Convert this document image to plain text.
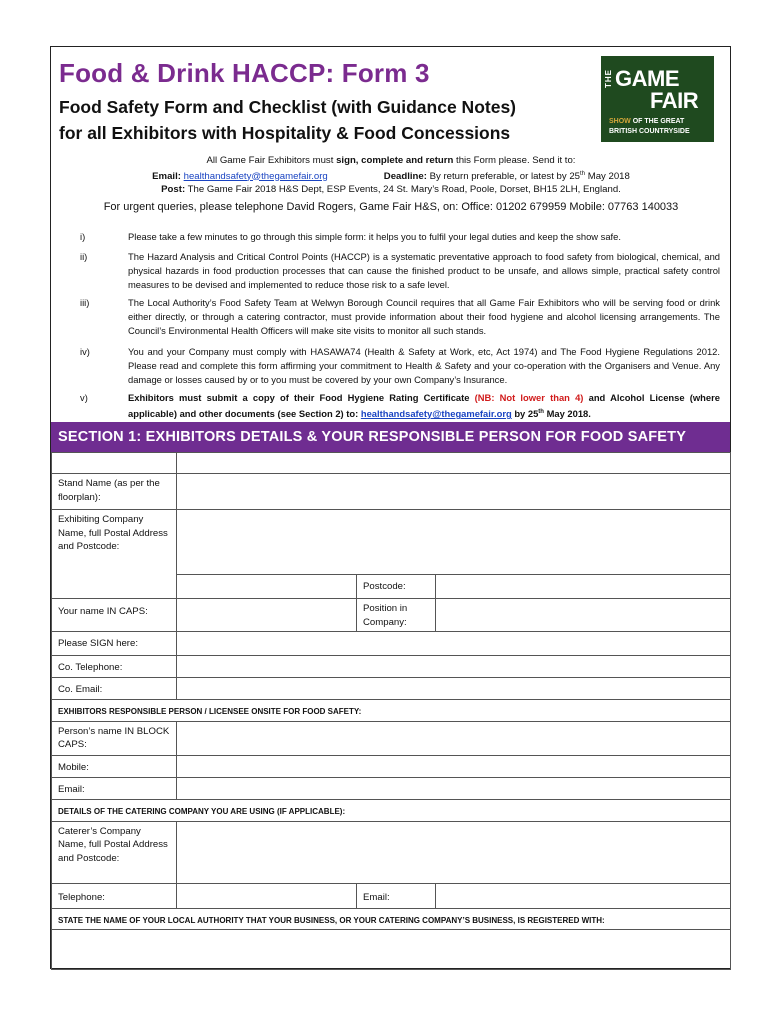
Food & Drink HACCP: Form 3
Food Safety Form and Checklist (with Guidance Notes)
for all Exhibitors with Hospitality & Food Concessions
THE GAME
FAIR
SHOW OF THE GREAT
BRITISH COUNTRYSIDE
All Game Fair Exhibitors must sign, complete and return this Form please. Send it to:
Email: healthandsafety@thegamefair.org	Deadline: By return preferable, or latest by 25th May 2018
Post: The Game Fair 2018 H&S Dept, ESP Events, 24 St. Mary’s Road, Poole, Dorset, BH15 2LH, England.
For urgent queries, please telephone David Rogers, Game Fair H&S, on: Office: 01202 679959 Mobile: 07763 140033
i)	Please take a few minutes to go through this simple form: it helps you to fulfil your legal duties and keep the show safe.
ii)	The Hazard Analysis and Critical Control Points (HACCP) is a systematic preventative approach to food safety from biological, chemical, and physical hazards in food production processes that can cause the finished product to be unsafe, and allows simple, practical safety control measures to be devised and implemented to reduce those risk to a safe level.
iii)	The Local Authority’s Food Safety Team at Welwyn Borough Council requires that all Game Fair Exhibitors who will be serving food or drink either directly, or through a catering contractor, must provide information about their food hygiene and alcohol licensing arrangements. The Council’s Environmental Health Officers will make site visits to monitor all such stands.
iv)	You and your Company must comply with HASAWA74 (Health & Safety at Work, etc, Act 1974) and The Food Hygiene Regulations 2012. Please read and complete this form affirming your commitment to Health & Safety and your co-operation with the Organisers and Venue. Any damage or losses caused by or to you must be covered by your own Company’s Insurance.
v)	Exhibitors must submit a copy of their Food Hygiene Rating Certificate (NB: Not lower than 4) and Alcohol License (where applicable) and other documents (see Section 2) to: healthandsafety@thegamefair.org by 25th May 2018.
SECTION 1: EXHIBITORS DETAILS & YOUR RESPONSIBLE PERSON FOR FOOD SAFETY

Stand Name (as per the floorplan):			
Exhibiting Company Name, full Postal Address and Postcode:			
		Postcode:	
Your name IN CAPS:		Position in Company:	
Please SIGN here:			
Co. Telephone:			
Co. Email:			
EXHIBITORS RESPONSIBLE PERSON / LICENSEE ONSITE FOR FOOD SAFETY:			
Person’s name IN BLOCK CAPS:			
Mobile:			
Email:			
DETAILS OF THE CATERING COMPANY YOU ARE USING (IF APPLICABLE):			
Caterer’s Company Name, full Postal Address and Postcode:			
Telephone:		Email:	
STATE THE NAME OF YOUR LOCAL AUTHORITY THAT YOUR BUSINESS, OR YOUR CATERING COMPANY’S BUSINESS, IS REGISTERED WITH:			
